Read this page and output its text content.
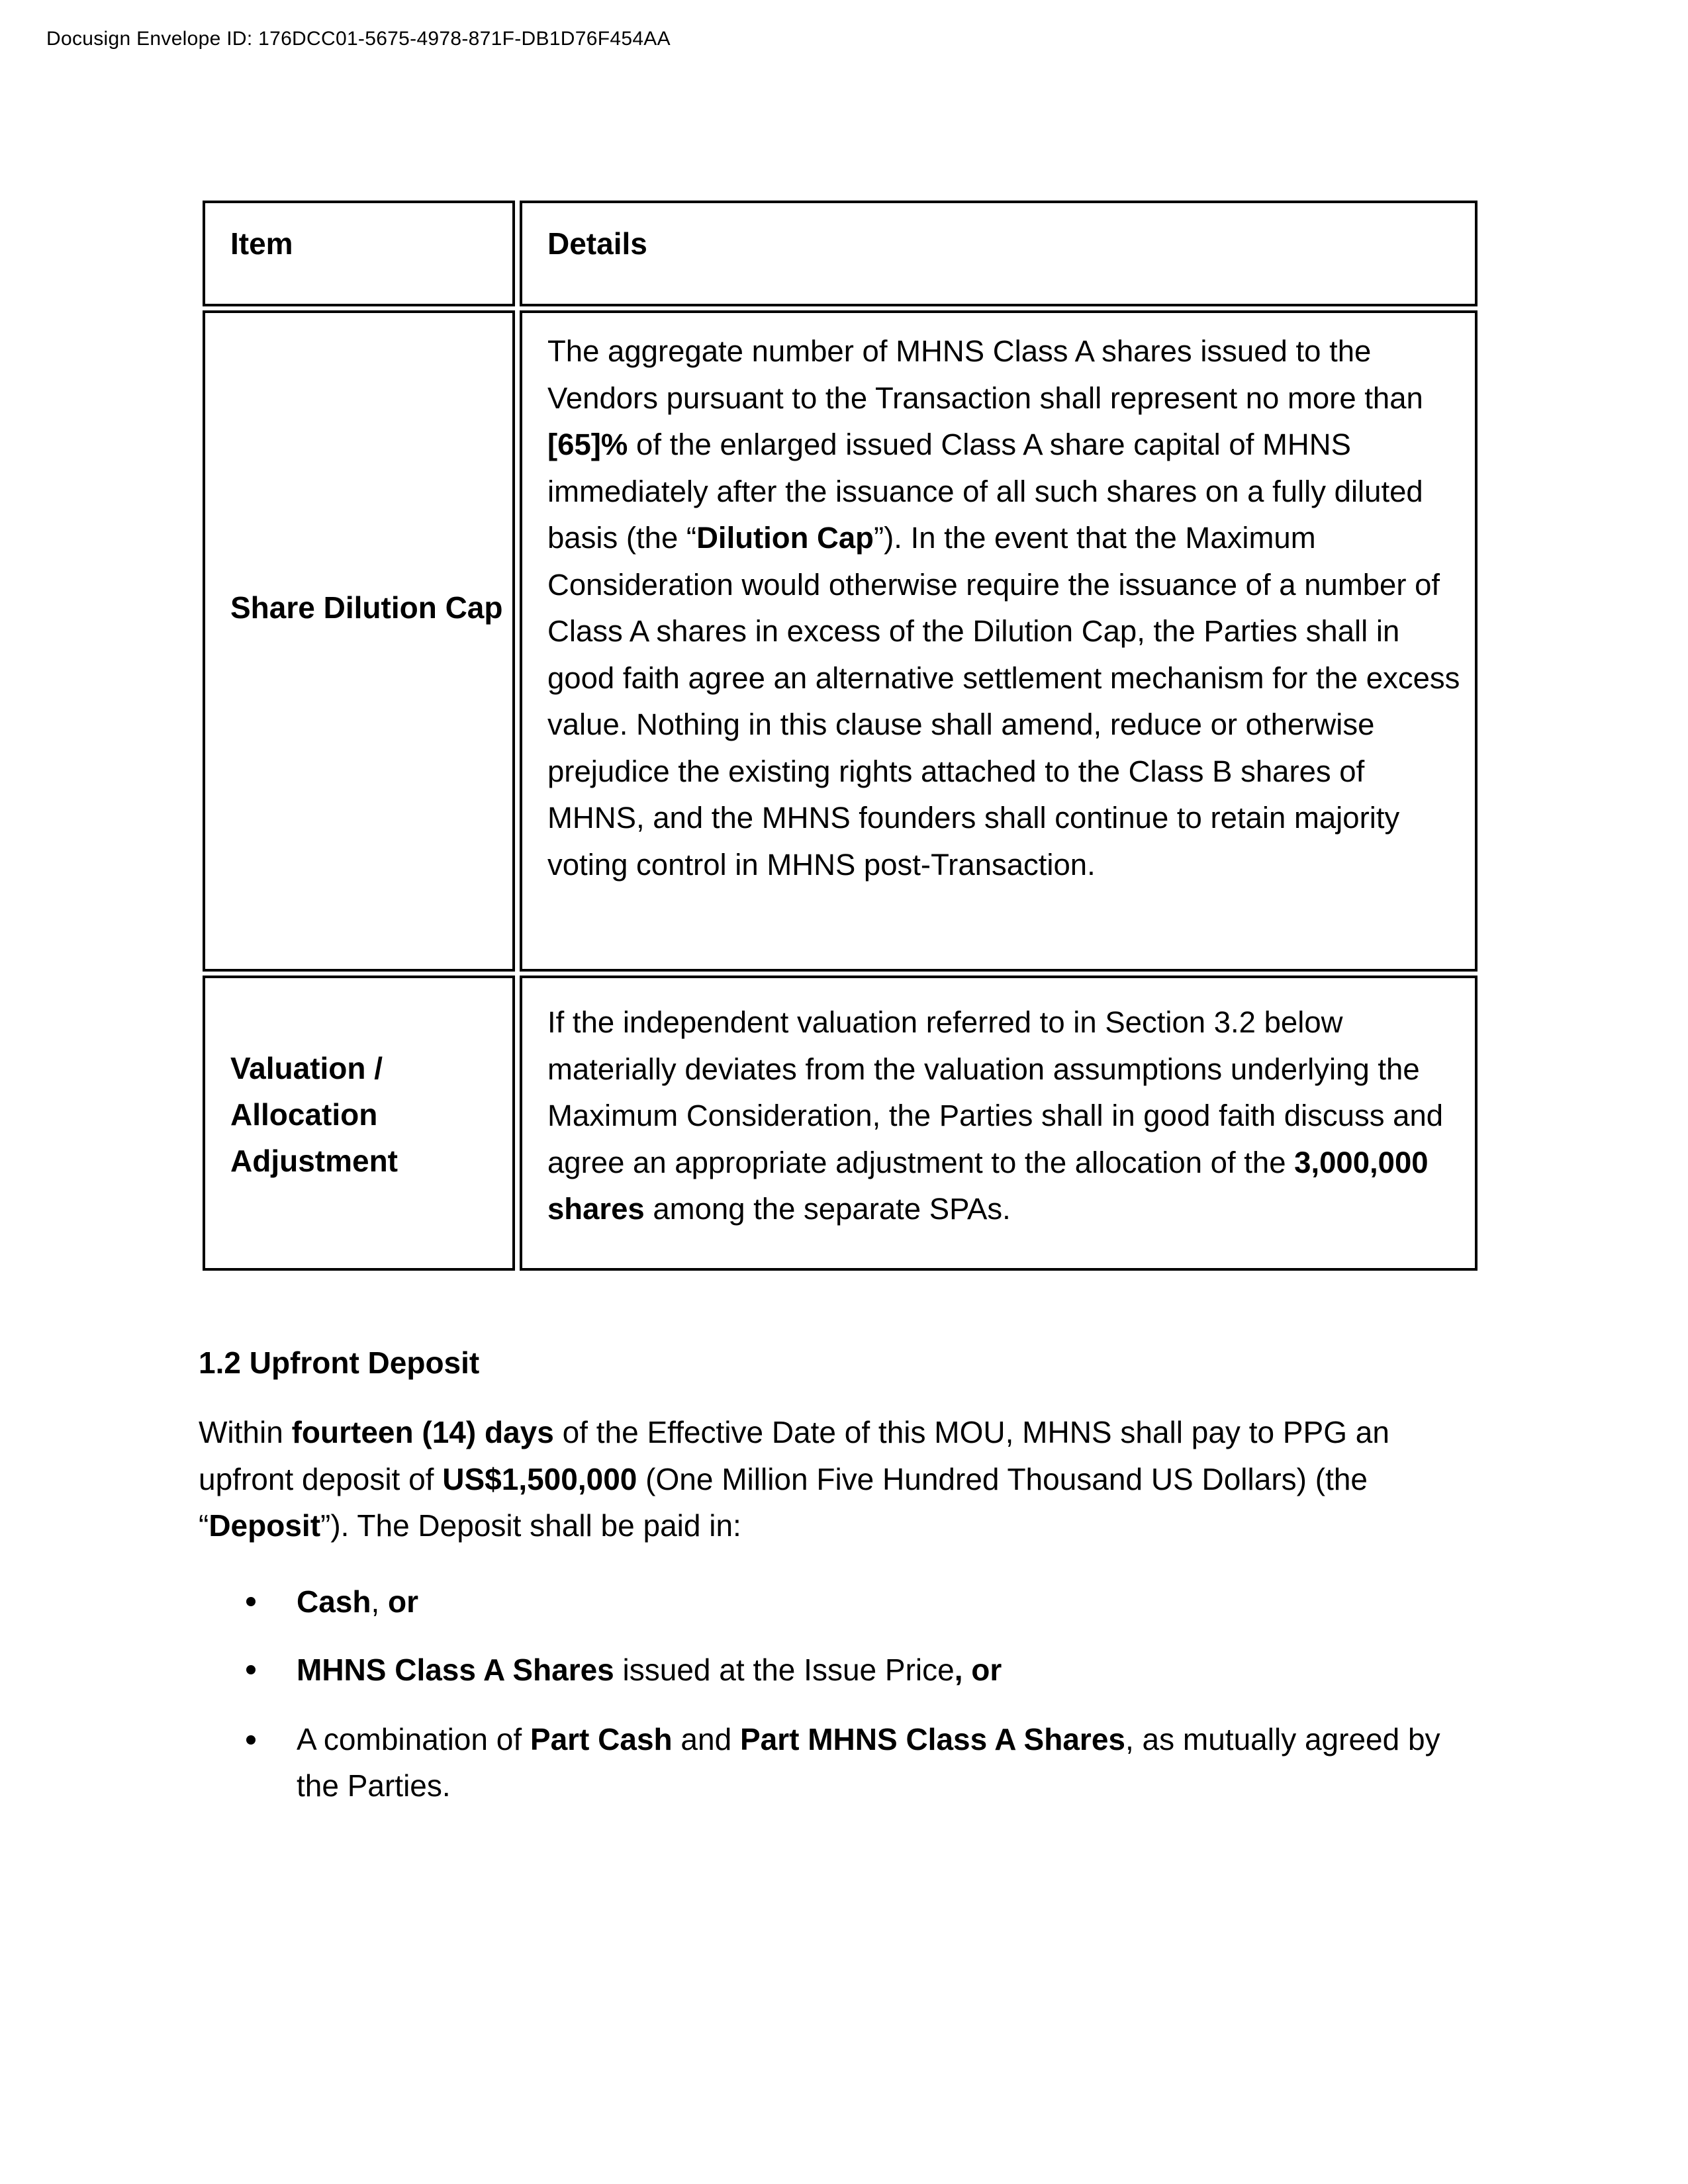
Docusign Envelope ID: 176DCC01-5675-4978-871F-DB1D76F454AA
Item	Details
Share Dilution Cap
The aggregate number of MHNS Class A shares issued to the Vendors pursuant to the Transaction shall represent no more than [65]% of the enlarged issued Class A share capital of MHNS immediately after the issuance of all such shares on a fully diluted basis (the “Dilution Cap”). In the event that the Maximum Consideration would otherwise require the issuance of a number of Class A shares in excess of the Dilution Cap, the Parties shall in good faith agree an alternative settlement mechanism for the excess value. Nothing in this clause shall amend, reduce or otherwise prejudice the existing rights attached to the Class B shares of MHNS, and the MHNS founders shall continue to retain majority voting control in MHNS post-Transaction.
Valuation / Allocation Adjustment
If the independent valuation referred to in Section 3.2 below materially deviates from the valuation assumptions underlying the Maximum Consideration, the Parties shall in good faith discuss and agree an appropriate adjustment to the allocation of the 3,000,000 shares among the separate SPAs.
1.2 Upfront Deposit
Within fourteen (14) days of the Effective Date of this MOU, MHNS shall pay to PPG an upfront deposit of US$1,500,000 (One Million Five Hundred Thousand US Dollars) (the “Deposit”). The Deposit shall be paid in:
Cash, or
MHNS Class A Shares issued at the Issue Price, or
A combination of Part Cash and Part MHNS Class A Shares, as mutually agreed by the Parties.
